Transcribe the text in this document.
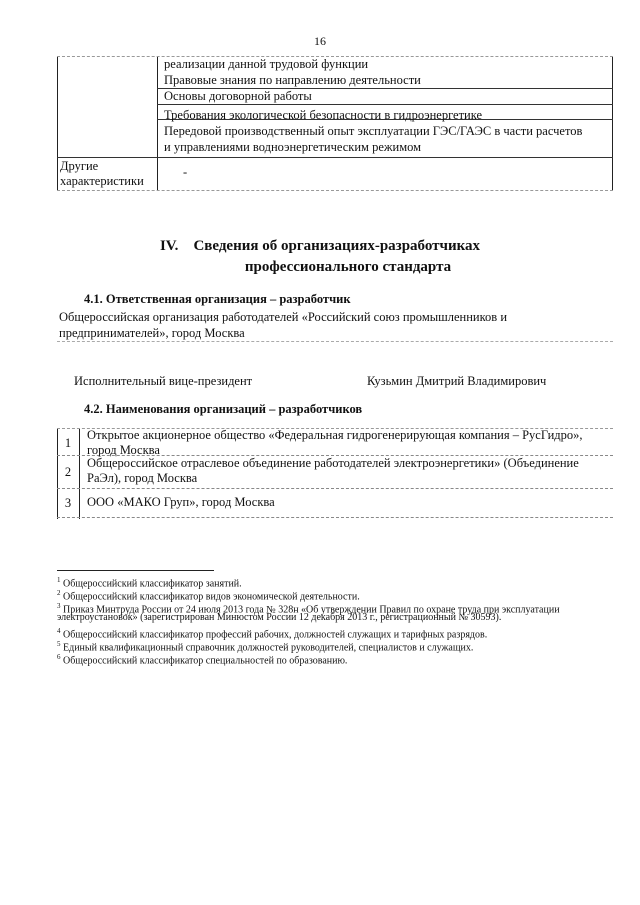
16
реализации данной трудовой функции
Правовые знания по направлению деятельности
Основы договорной работы
Требования экологической безопасности в гидроэнергетике
Передовой производственный опыт эксплуатации ГЭС/ГАЭС в части расчетов
и управлениями водноэнергетическим режимом
Другие
характеристики
-
IV. Сведения об организациях-разработчиках
профессионального стандарта
4.1. Ответственная организация – разработчик
Общероссийская организация работодателей «Российский союз промышленников и
предпринимателей», город Москва
Исполнительный вице-президент	Кузьмин Дмитрий Владимирович
4.2. Наименования организаций – разработчиков
1
Открытое акционерное общество «Федеральная гидрогенерирующая компания – РусГидро»,
город Москва
2
Общероссийское отраслевое объединение работодателей электроэнергетики» (Объединение
РаЭл), город Москва
3	ООО «МАКО Груп», город Москва
$^1$ Общероссийский классификатор занятий.
$^2$ Общероссийский классификатор видов экономической деятельности.
$^3$ Приказ Минтруда России от 24 июля 2013 года № 328н «Об утверждении Правил по охране труда при эксплуатации
электроустановок» (зарегистрирован Минюстом России 12 декабря 2013 г., регистрационный № 30593).
$^4$ Общероссийский классификатор профессий рабочих, должностей служащих и тарифных разрядов.
$^5$ Единый квалификационный справочник должностей руководителей, специалистов и служащих.
$^6$ Общероссийский классификатор специальностей по образованию.
